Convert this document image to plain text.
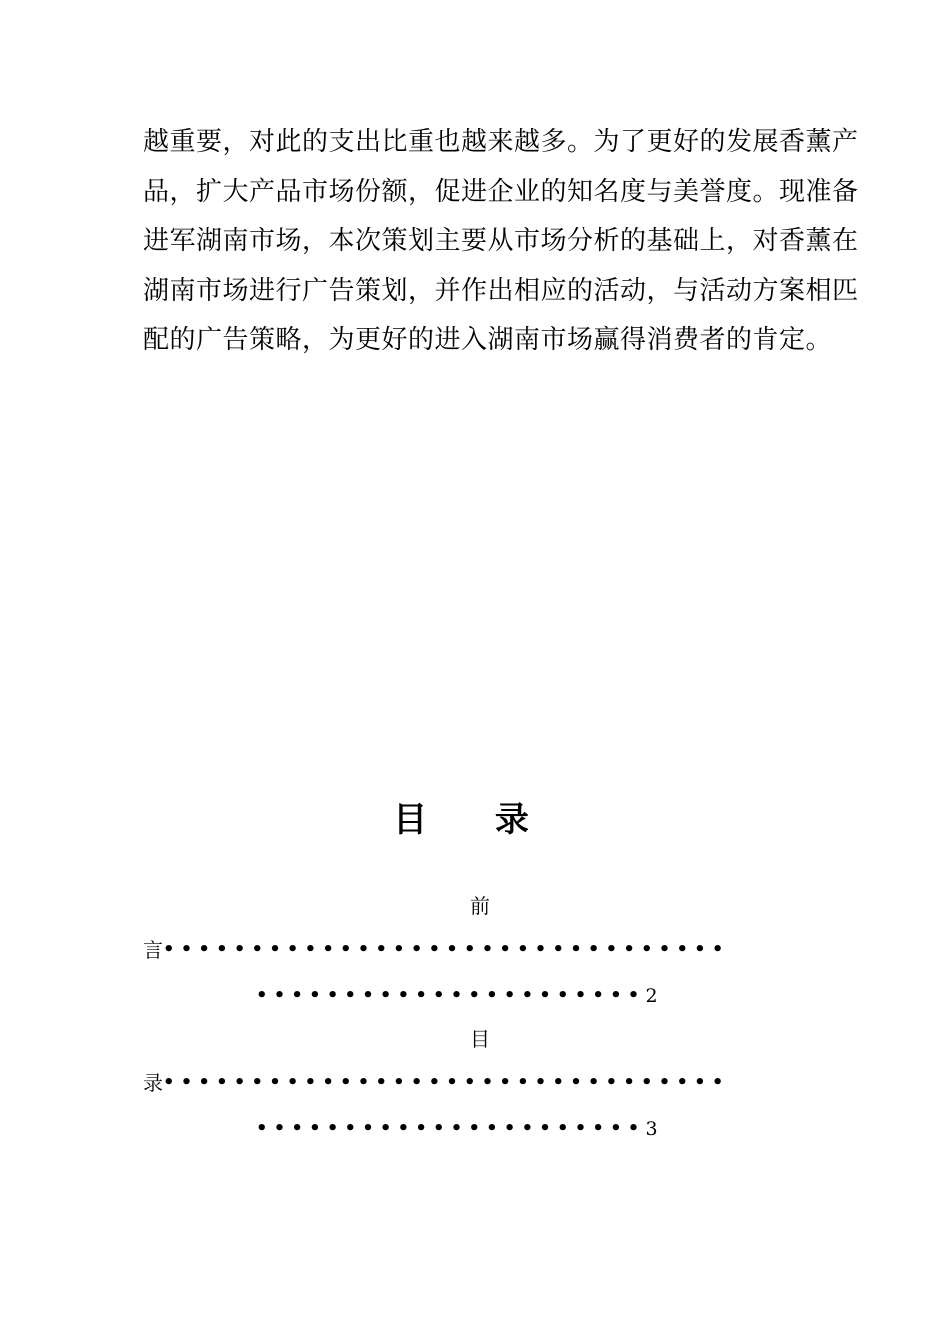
越重要，对此的支出比重也越来越多。为了更好的发展香薰产
品，扩大产品市场份额，促进企业的知名度与美誉度。现准备
进军湖南市场，本次策划主要从市场分析的基础上，对香薰在
湖南市场进行广告策划，并作出相应的活动，与活动方案相匹
配的广告策略，为更好的进入湖南市场赢得消费者的肯定。
目 录
前
言••••••••••••••••••••••••••••••••
••••••••••••••••••••••2
目
录••••••••••••••••••••••••••••••••
••••••••••••••••••••••3
